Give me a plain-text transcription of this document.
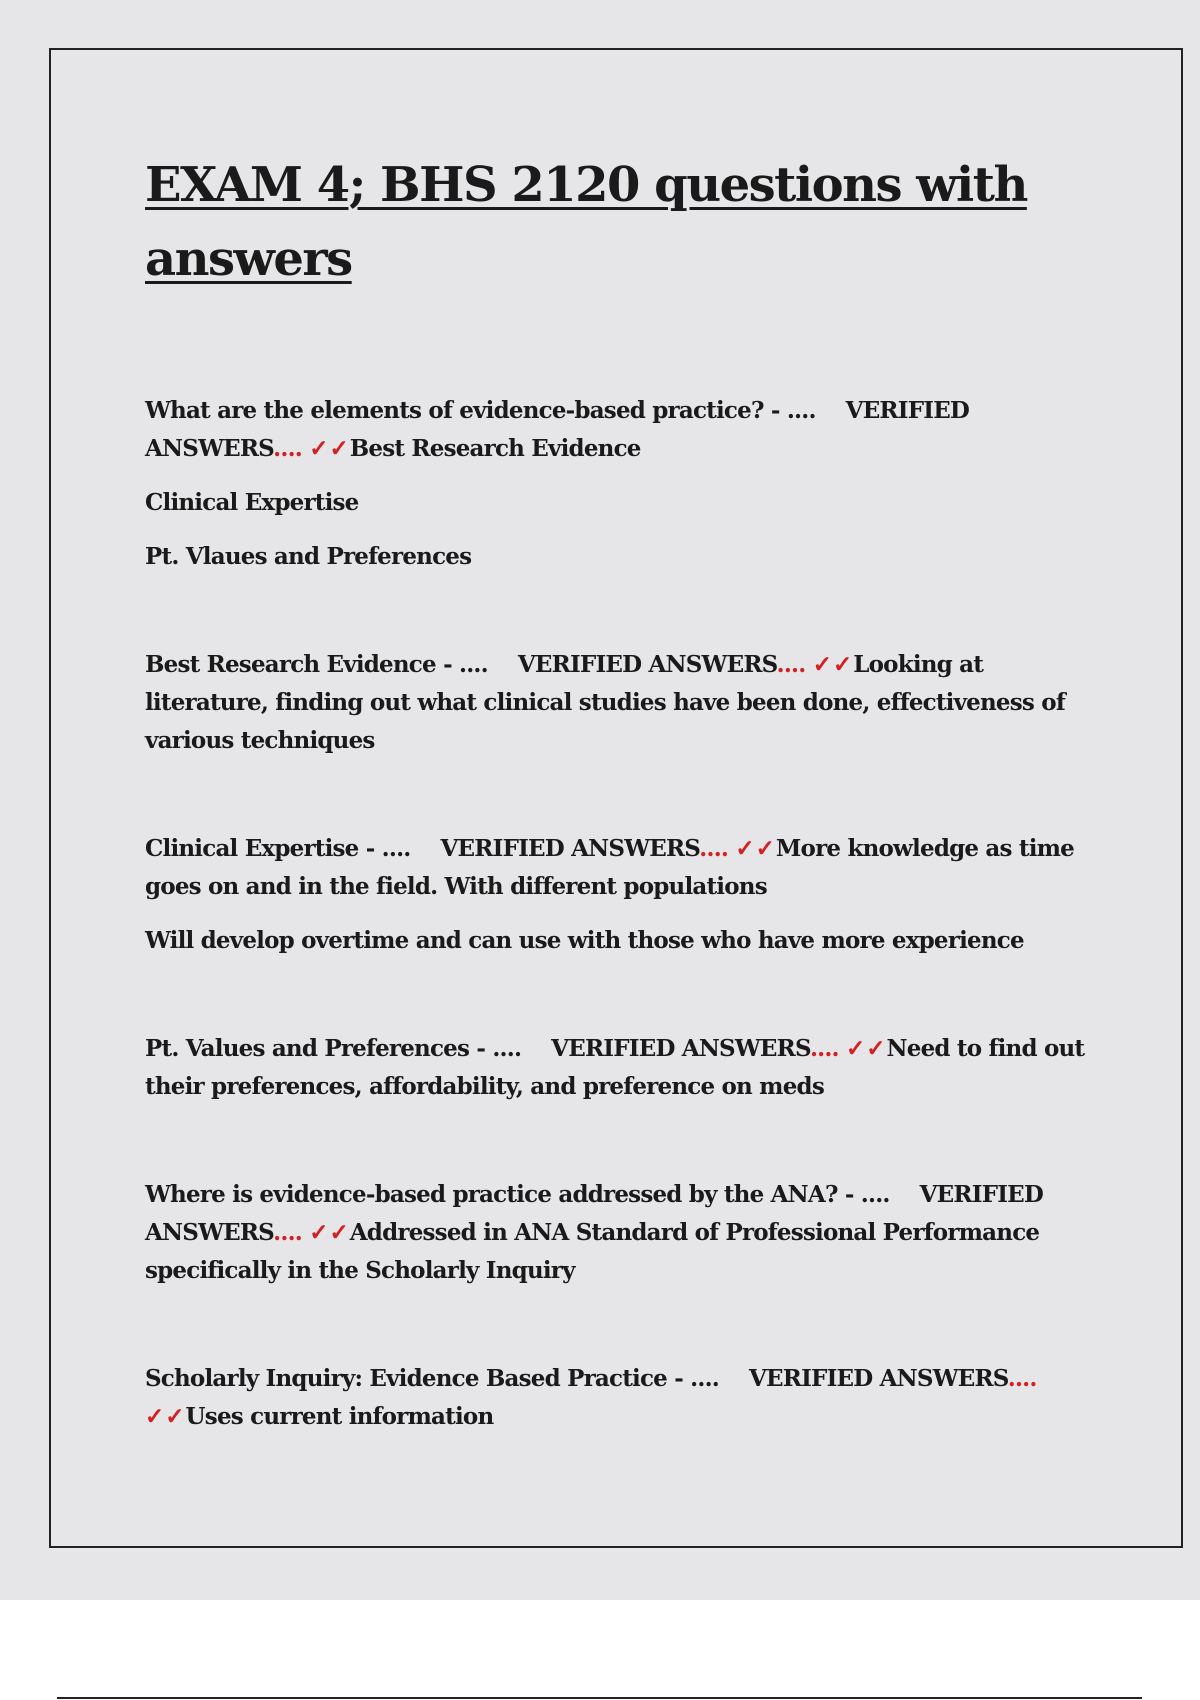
EXAM 4; BHS 2120 questions with answers

What are the elements of evidence-based practice? - .... VERIFIED ANSWERS.... ✓✓Best Research Evidence

Clinical Expertise

Pt. Vlaues and Preferences

Best Research Evidence - .... VERIFIED ANSWERS.... ✓✓Looking at literature, finding out what clinical studies have been done, effectiveness of various techniques

Clinical Expertise - .... VERIFIED ANSWERS.... ✓✓More knowledge as time goes on and in the field. With different populations

Will develop overtime and can use with those who have more experience

Pt. Values and Preferences - .... VERIFIED ANSWERS.... ✓✓Need to find out their preferences, affordability, and preference on meds

Where is evidence-based practice addressed by the ANA? - .... VERIFIED ANSWERS.... ✓✓Addressed in ANA Standard of Professional Performance specifically in the Scholarly Inquiry

Scholarly Inquiry: Evidence Based Practice - .... VERIFIED ANSWERS.... ✓✓Uses current information
